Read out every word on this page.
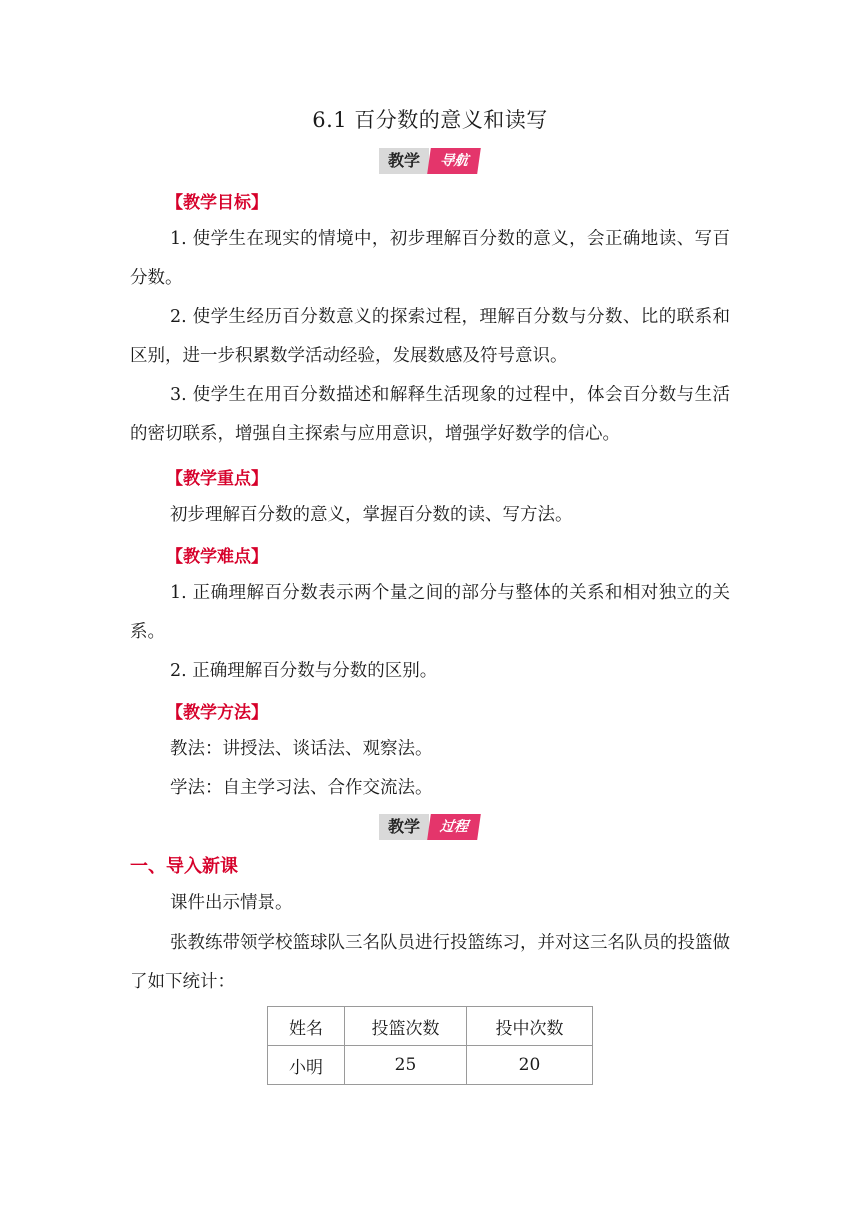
6.1 百分数的意义和读写
教学	导航
【教学目标】
1. 使学生在现实的情境中，初步理解百分数的意义，会正确地读、写百分数。
2. 使学生经历百分数意义的探索过程，理解百分数与分数、比的联系和区别，进一步积累数学活动经验，发展数感及符号意识。
3. 使学生在用百分数描述和解释生活现象的过程中，体会百分数与生活的密切联系，增强自主探索与应用意识，增强学好数学的信心。
【教学重点】
初步理解百分数的意义，掌握百分数的读、写方法。
【教学难点】
1. 正确理解百分数表示两个量之间的部分与整体的关系和相对独立的关系。
2. 正确理解百分数与分数的区别。
【教学方法】
教法：讲授法、谈话法、观察法。
学法：自主学习法、合作交流法。
教学	过程
一、导入新课
课件出示情景。
张教练带领学校篮球队三名队员进行投篮练习，并对这三名队员的投篮做了如下统计：
姓名	投篮次数	投中次数
小明	25	20
